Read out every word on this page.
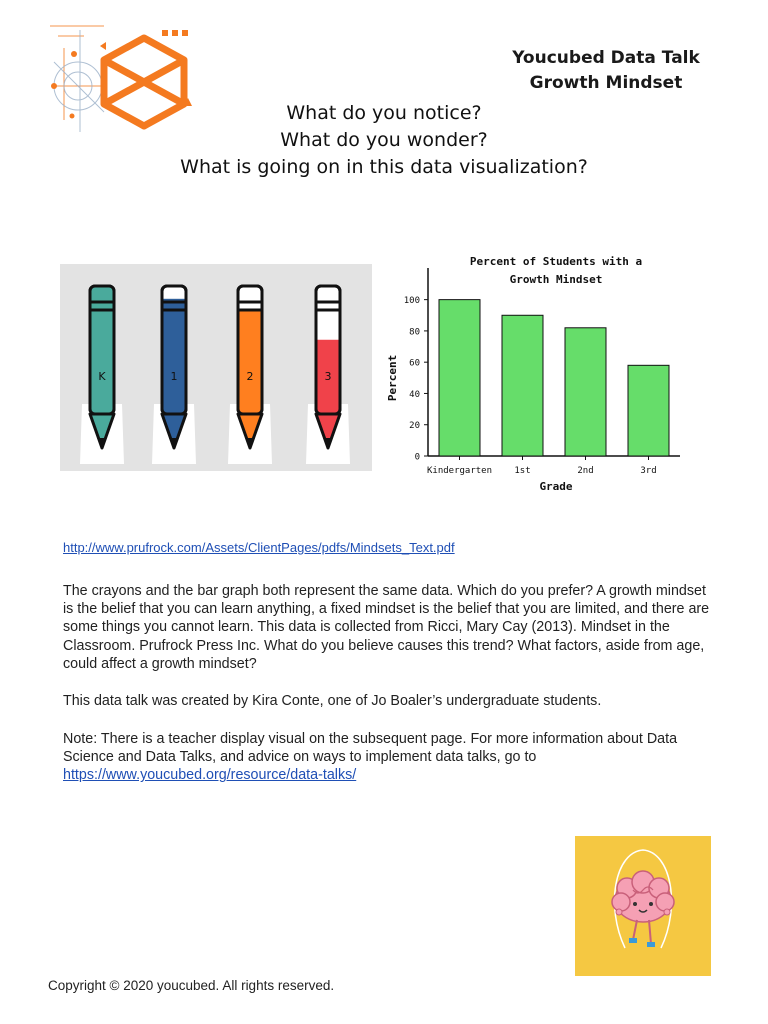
Youcubed Data Talk
Growth Mindset
What do you notice?
What do you wonder?
What is going on in this data visualization?
K	1	2	3
Percent of Students with a
Growth Mindset
0
20
40
60
80
100
Kindergarten 1st	2nd	3rd
Grade
Percent
http://www.prufrock.com/Assets/ClientPages/pdfs/Mindsets_Text.pdf

The crayons and the bar graph both represent the same data. Which do you prefer? A growth mindset is the belief that you can learn anything, a fixed mindset is the belief that you are limited, and there are some things you cannot learn. This data is collected from Ricci, Mary Cay (2013). Mindset in the Classroom. Prufrock Press Inc. What do you believe causes this trend? What factors, aside from age, could affect a growth mindset?

This data talk was created by Kira Conte, one of Jo Boaler’s undergraduate students.

Note: There is a teacher display visual on the subsequent page. For more information about Data Science and Data Talks, and advice on ways to implement data talks, go to https://www.youcubed.org/resource/data-talks/

Copyright © 2020 youcubed. All rights reserved.
